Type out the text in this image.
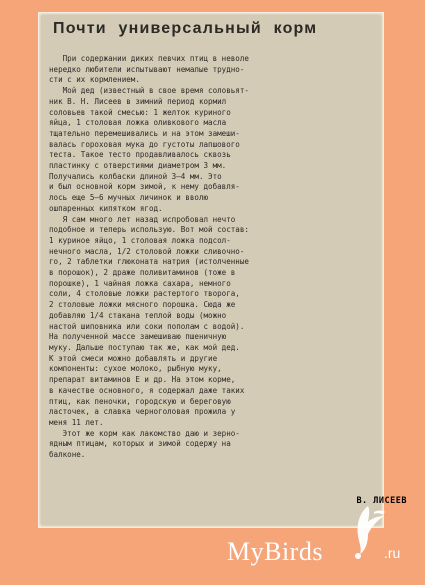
Почти универсальный корм
При содержании диких певчих птиц в неволе
нередко любители испытывают немалые трудно-
сти с их кормлением.
Мой дед (известный в свое время соловьят-
ник В. Н. Лисеев в зимний период кормил
соловьев такой смесью: 1 желток куриного
яйца, 1 столовая ложка оливкового масла
тщательно перемешивались и на этом замеши-
валась гороховая мука до густоты лапшового
теста. Такое тесто продавливалось сквозь
пластинку с отверстиями диаметром 3 мм.
Получались колбаски длиной 3—4 мм. Это
и был основной корм зимой, к нему добавля-
лось еще 5—6 мучных личинок и вволю
ошпаренных кипятком ягод.
Я сам много лет назад испробовал нечто
подобное и теперь использую. Вот мой состав:
1 куриное яйцо, 1 столовая ложка подсол-
нечного масла, 1/2 столовой ложки сливочно-
го, 2 таблетки глюконата натрия (истолченные
в порошок), 2 драже поливитаминов (тоже в
порошке), 1 чайная ложка сахара, немного
соли, 4 столовые ложки растертого творога,
2 столовые ложки мясного порошка. Сюда же
добавляю 1/4 стакана теплой воды (можно
настой шиповника или соки пополам с водой).
На полученной массе замешиваю пшеничную
муку. Дальше поступаю так же, как мой дед.
К этой смеси можно добавлять и другие
компоненты: сухое молоко, рыбную муку,
препарат витаминов Е и др. На этом корме,
в качестве основного, я содержал даже таких
птиц, как пеночки, городскую и береговую
ласточек, а славка черноголовая прожила у
меня 11 лет.
Этот же корм как лакомство даю и зерно-
ядным птицам, которых и зимой содержу на
балконе.
В. ЛИСЕЕВ
MyBirds	.ru
